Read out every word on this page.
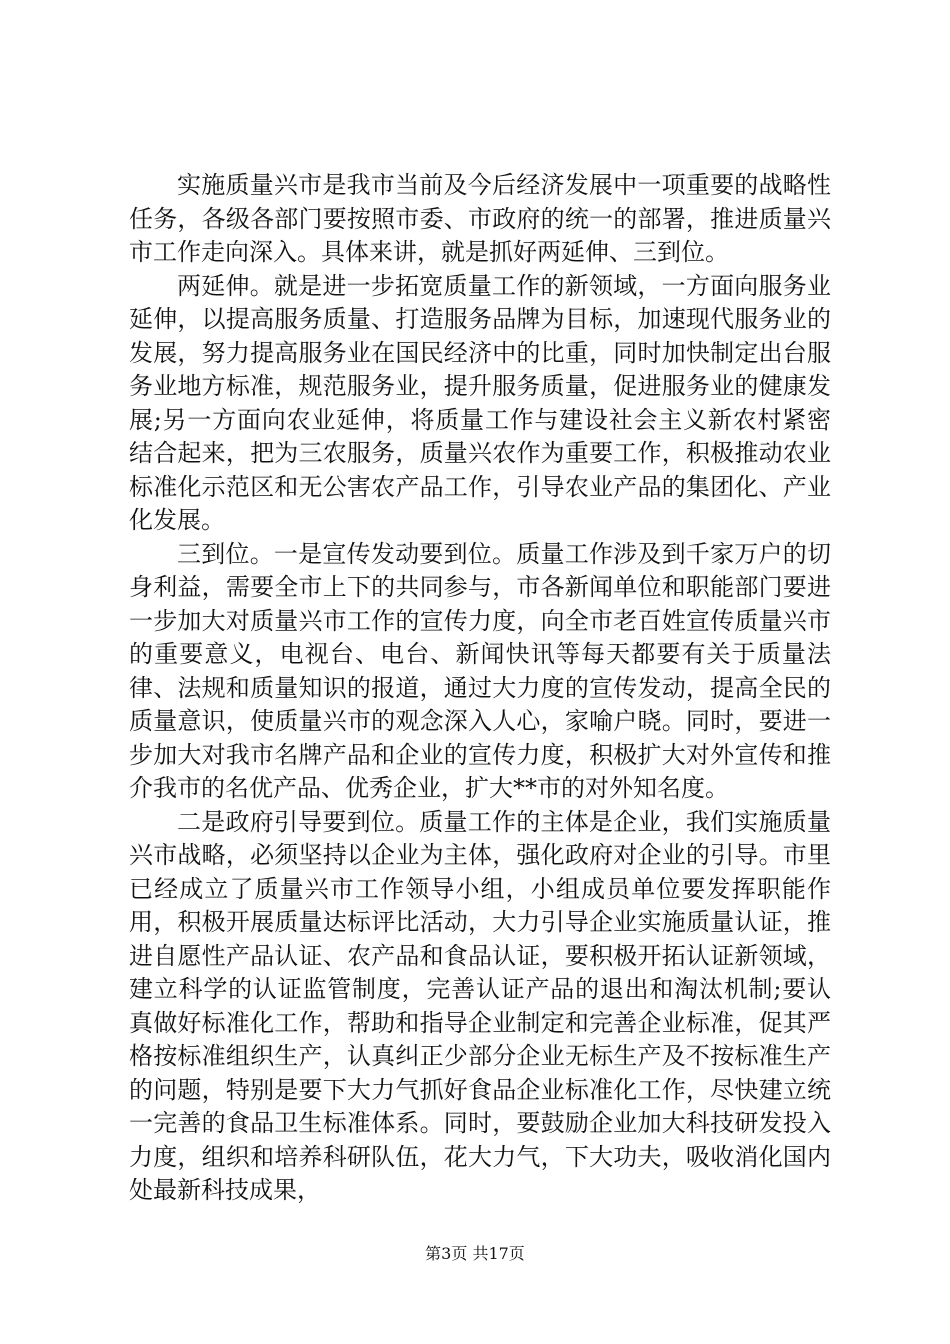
实施质量兴市是我市当前及今后经济发展中一项重要的战略性任务，各级各部门要按照市委、市政府的统一的部署，推进质量兴市工作走向深入。具体来讲，就是抓好两延伸、三到位。

两延伸。就是进一步拓宽质量工作的新领域，一方面向服务业延伸，以提高服务质量、打造服务品牌为目标，加速现代服务业的发展，努力提高服务业在国民经济中的比重，同时加快制定出台服务业地方标准，规范服务业，提升服务质量，促进服务业的健康发展;另一方面向农业延伸，将质量工作与建设社会主义新农村紧密结合起来，把为三农服务，质量兴农作为重要工作，积极推动农业标准化示范区和无公害农产品工作，引导农业产品的集团化、产业化发展。

三到位。一是宣传发动要到位。质量工作涉及到千家万户的切身利益，需要全市上下的共同参与，市各新闻单位和职能部门要进一步加大对质量兴市工作的宣传力度，向全市老百姓宣传质量兴市的重要意义，电视台、电台、新闻快讯等每天都要有关于质量法律、法规和质量知识的报道，通过大力度的宣传发动，提高全民的质量意识，使质量兴市的观念深入人心，家喻户晓。同时，要进一步加大对我市名牌产品和企业的宣传力度，积极扩大对外宣传和推介我市的名优产品、优秀企业，扩大**市的对外知名度。

二是政府引导要到位。质量工作的主体是企业，我们实施质量兴市战略，必须坚持以企业为主体，强化政府对企业的引导。市里已经成立了质量兴市工作领导小组，小组成员单位要发挥职能作用，积极开展质量达标评比活动，大力引导企业实施质量认证，推进自愿性产品认证、农产品和食品认证，要积极开拓认证新领域，建立科学的认证监管制度，完善认证产品的退出和淘汰机制;要认真做好标准化工作，帮助和指导企业制定和完善企业标准，促其严格按标准组织生产，认真纠正少部分企业无标生产及不按标准生产的问题，特别是要下大力气抓好食品企业标准化工作，尽快建立统一完善的食品卫生标准体系。同时，要鼓励企业加大科技研发投入力度，组织和培养科研队伍，花大力气，下大功夫，吸收消化国内处最新科技成果，

第3页 共17页
